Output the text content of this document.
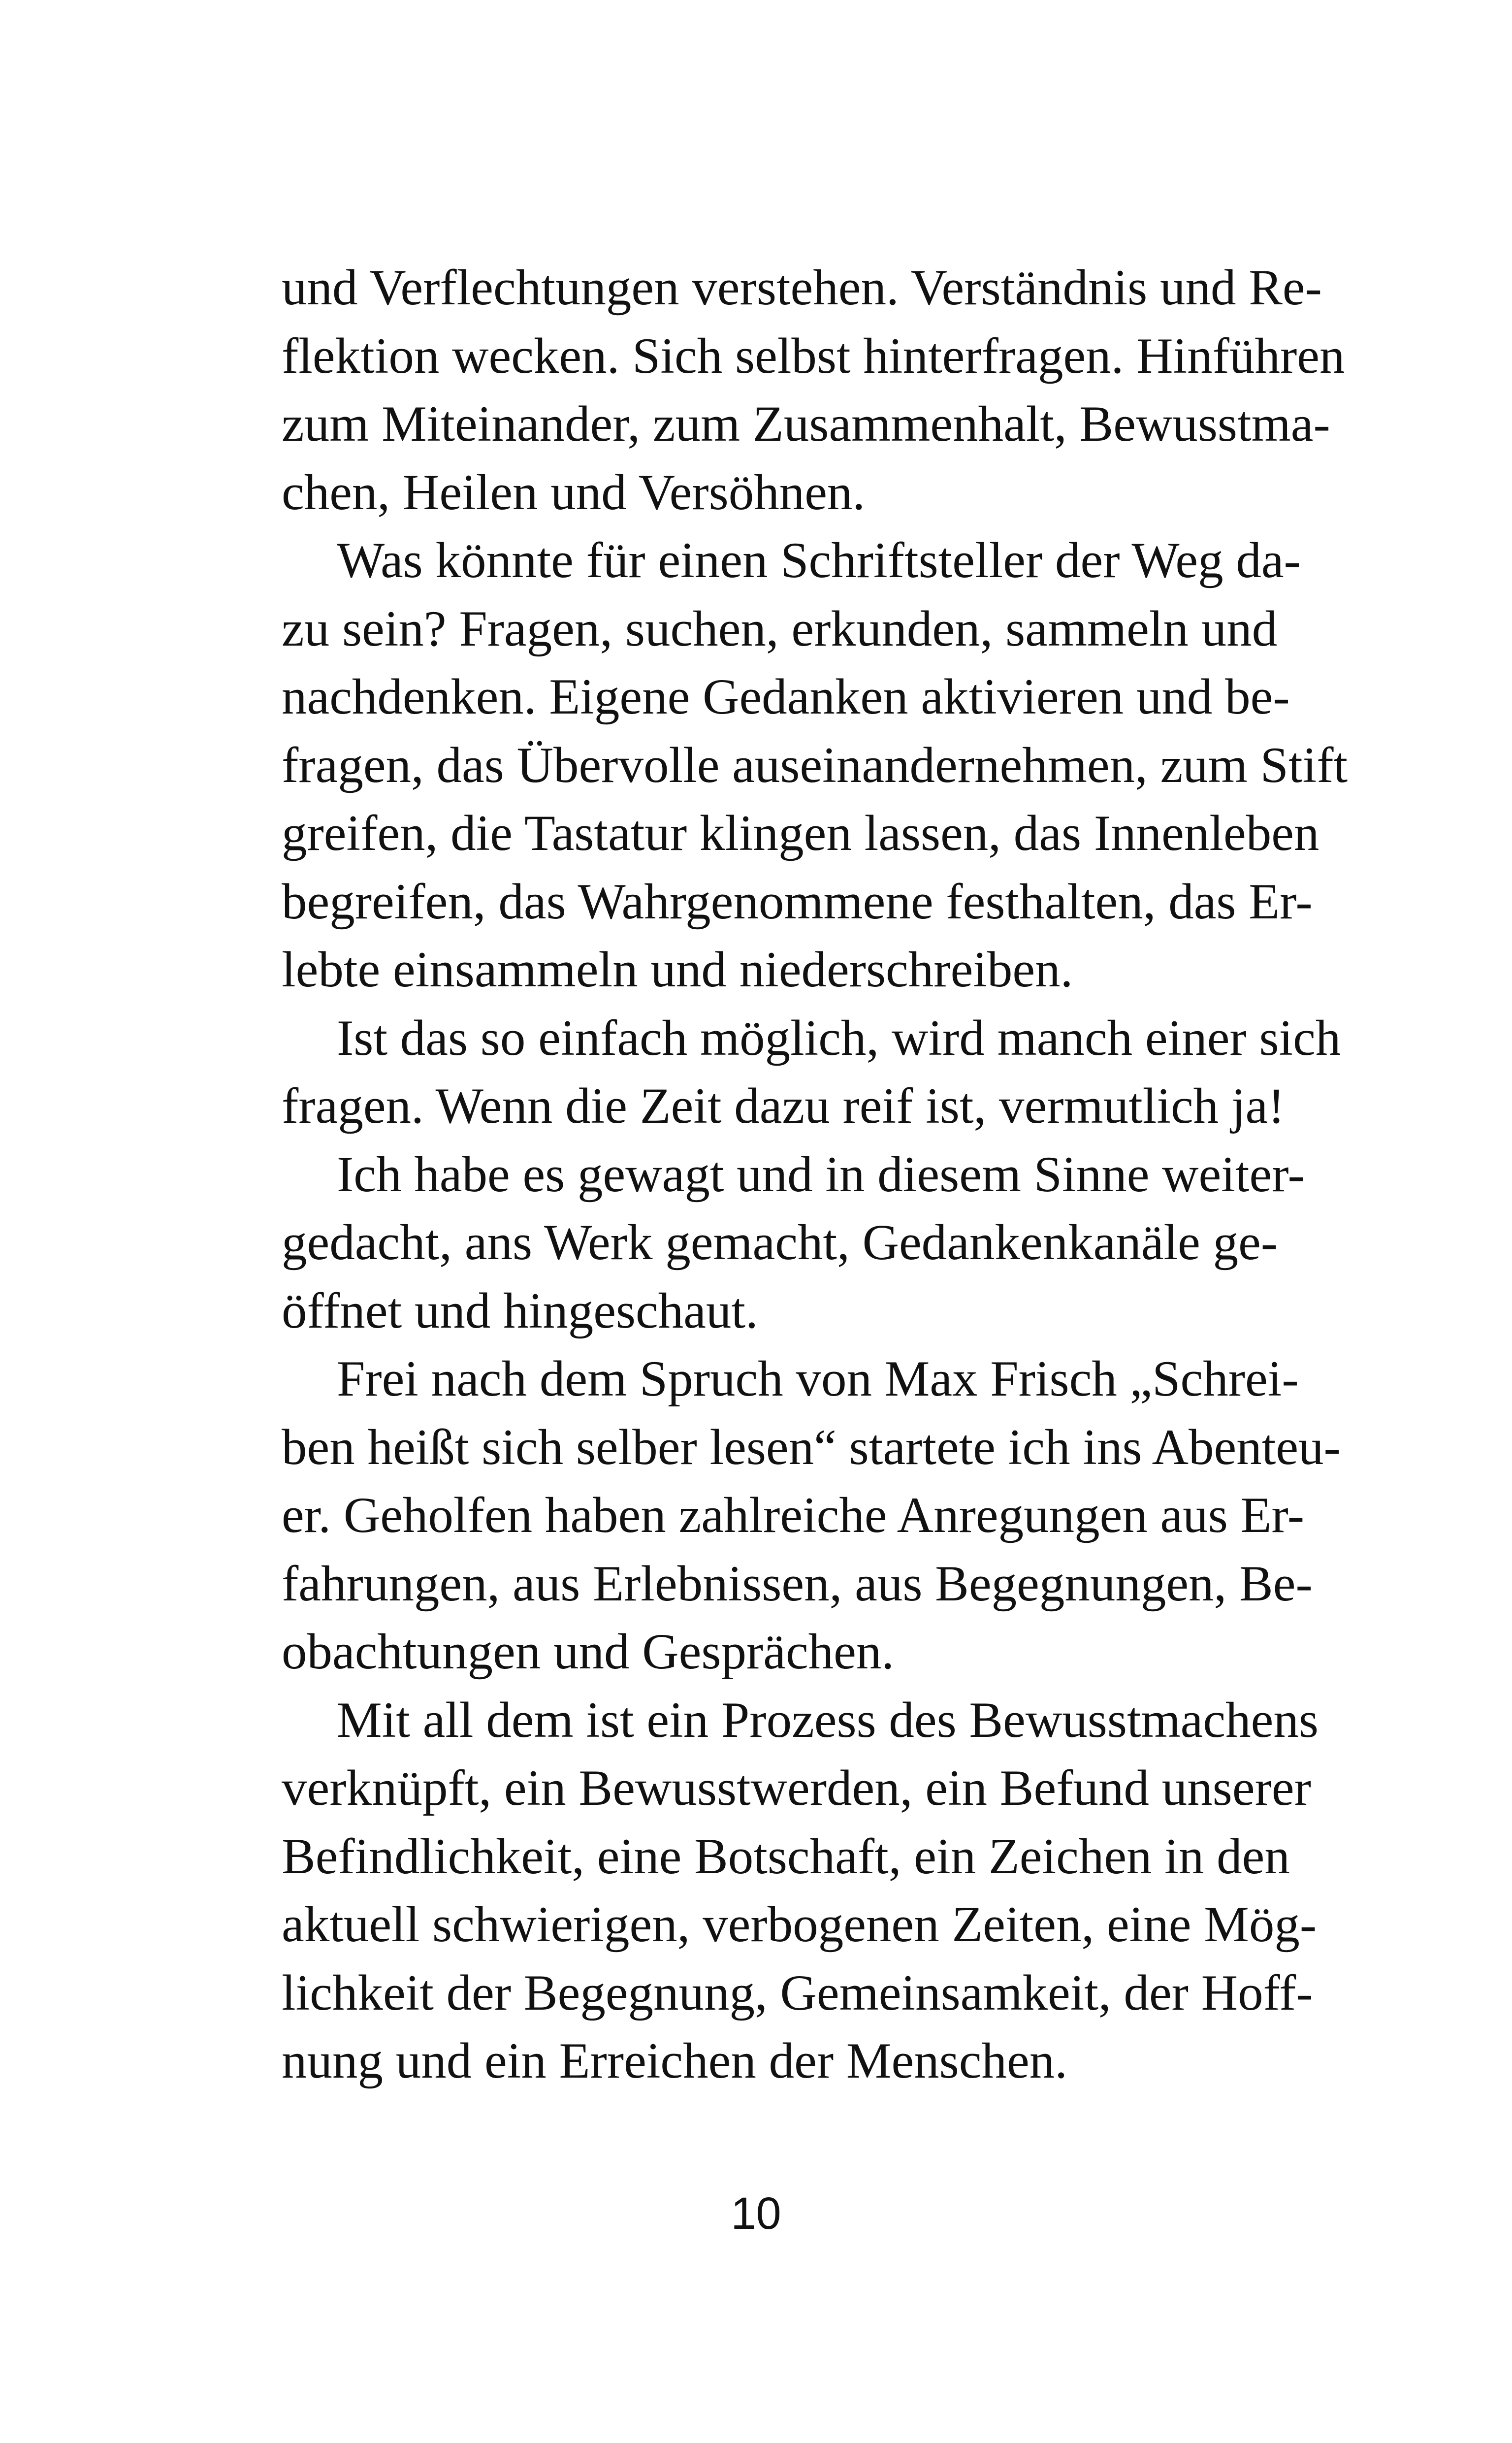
und Verflechtungen verstehen. Verständnis und Re-
flektion wecken. Sich selbst hinterfragen. Hinführen
zum Miteinander, zum Zusammenhalt, Bewusstma-
chen, Heilen und Versöhnen.
Was könnte für einen Schriftsteller der Weg da-
zu sein? Fragen, suchen, erkunden, sammeln und
nachdenken. Eigene Gedanken aktivieren und be-
fragen, das Übervolle auseinandernehmen, zum Stift
greifen, die Tastatur klingen lassen, das Innenleben
begreifen, das Wahrgenommene festhalten, das Er-
lebte einsammeln und niederschreiben.
Ist das so einfach möglich, wird manch einer sich
fragen. Wenn die Zeit dazu reif ist, vermutlich ja!
Ich habe es gewagt und in diesem Sinne weiter-
gedacht, ans Werk gemacht, Gedankenkanäle ge-
öffnet und hingeschaut.
Frei nach dem Spruch von Max Frisch „Schrei-
ben heißt sich selber lesen“ startete ich ins Abenteu-
er. Geholfen haben zahlreiche Anregungen aus Er-
fahrungen, aus Erlebnissen, aus Begegnungen, Be-
obachtungen und Gesprächen.
Mit all dem ist ein Prozess des Bewusstmachens
verknüpft, ein Bewusstwerden, ein Befund unserer
Befindlichkeit, eine Botschaft, ein Zeichen in den
aktuell schwierigen, verbogenen Zeiten, eine Mög-
lichkeit der Begegnung, Gemeinsamkeit, der Hoff-
nung und ein Erreichen der Menschen.
10
